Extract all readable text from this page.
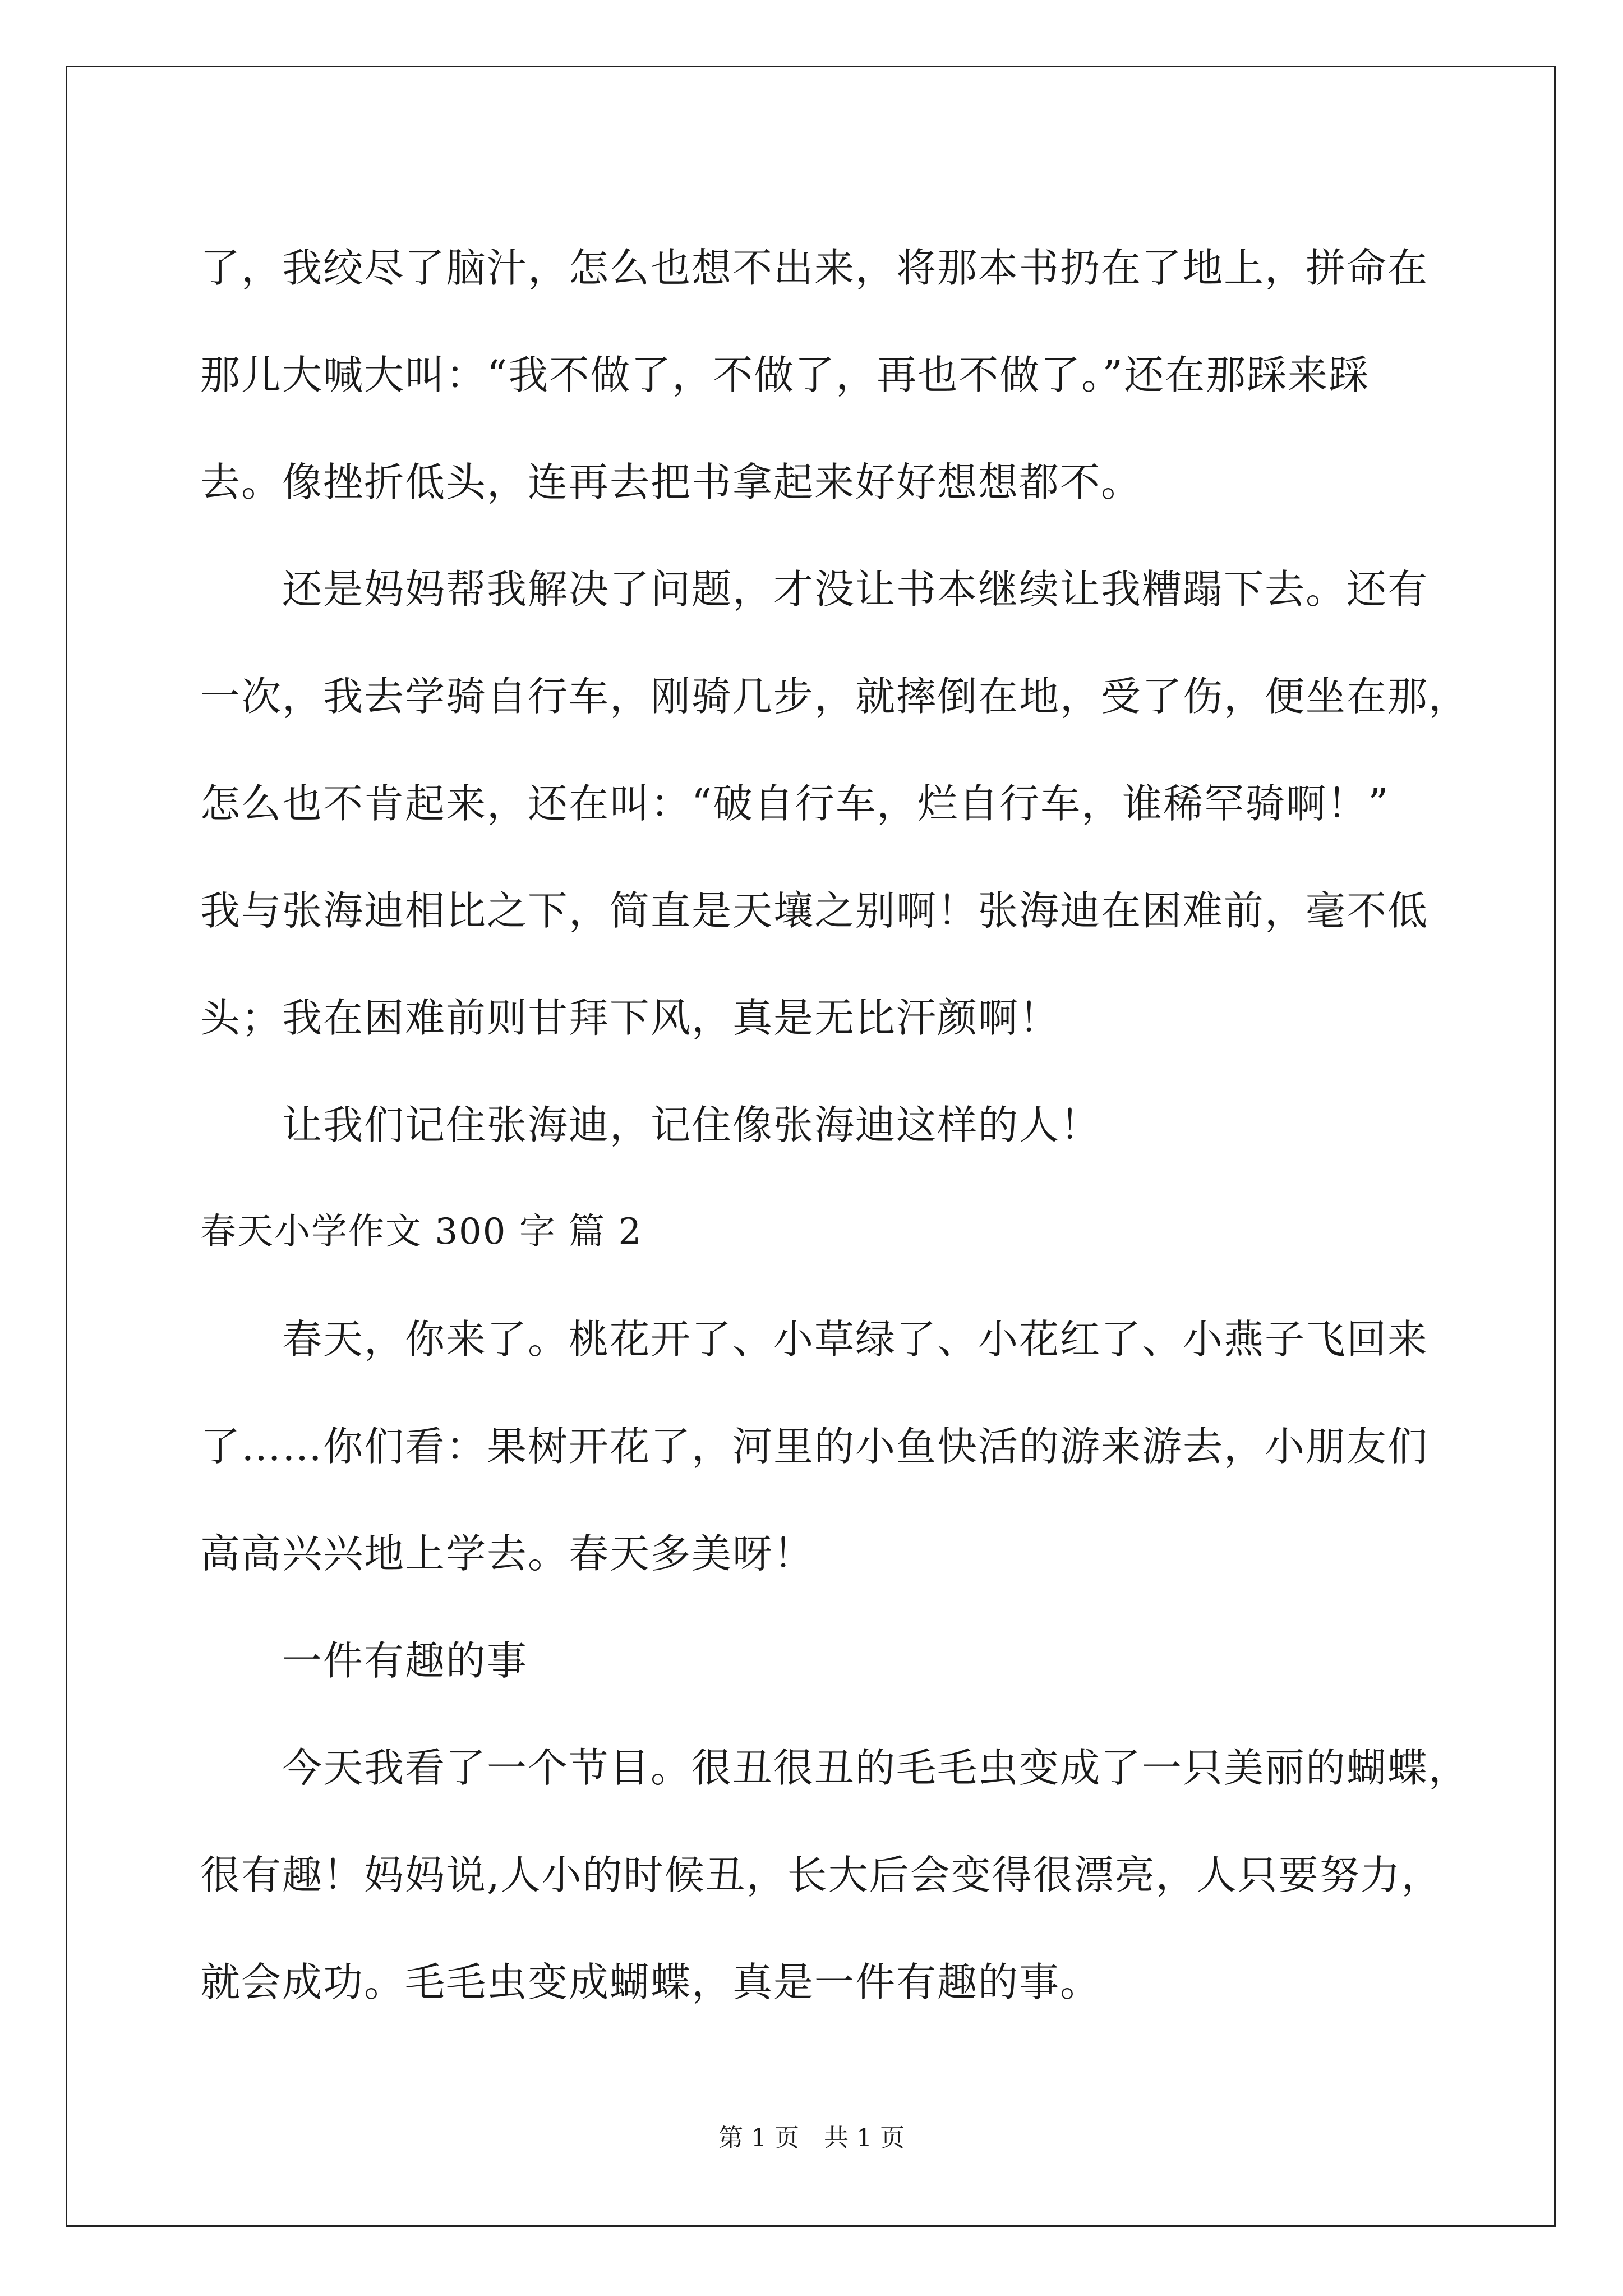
了，我绞尽了脑汁，怎么也想不出来，将那本书扔在了地上，拼命在
那儿大喊大叫：“我不做了，不做了，再也不做了。”还在那踩来踩
去。像挫折低头，连再去把书拿起来好好想想都不。
　　还是妈妈帮我解决了问题，才没让书本继续让我糟蹋下去。还有
一次，我去学骑自行车，刚骑几步，就摔倒在地，受了伤，便坐在那，
怎么也不肯起来，还在叫：“破自行车，烂自行车，谁稀罕骑啊！”
我与张海迪相比之下，简直是天壤之别啊！张海迪在困难前，毫不低
头；我在困难前则甘拜下风，真是无比汗颜啊！
　　让我们记住张海迪，记住像张海迪这样的人！
春天小学作文 300 字 篇 2
　　春天，你来了。桃花开了、小草绿了、小花红了、小燕子飞回来
了……你们看：果树开花了，河里的小鱼快活的游来游去，小朋友们
高高兴兴地上学去。春天多美呀！
　　一件有趣的事
　　今天我看了一个节目。很丑很丑的毛毛虫变成了一只美丽的蝴蝶，
很有趣！妈妈说,人小的时候丑，长大后会变得很漂亮，人只要努力，
就会成功。毛毛虫变成蝴蝶，真是一件有趣的事。
第 1 页　共 1 页
